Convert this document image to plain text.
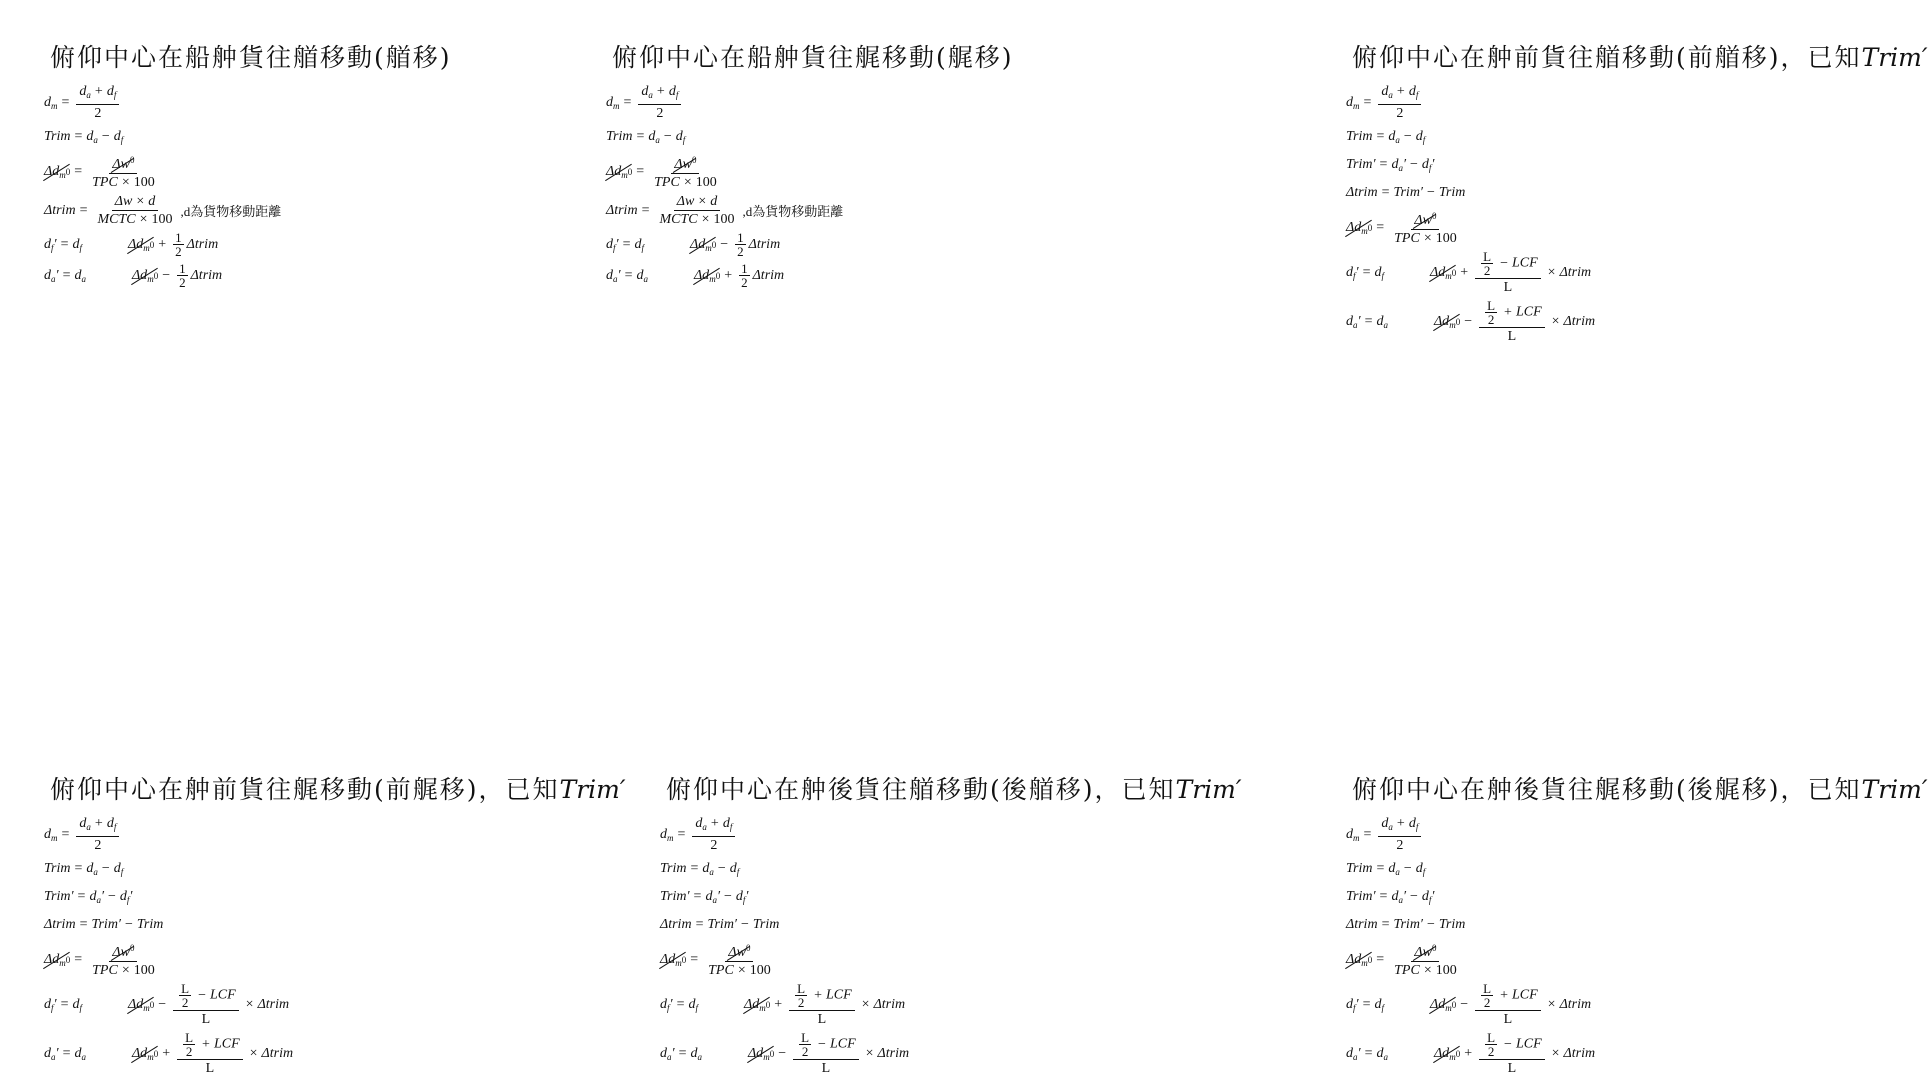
俯仰中心在船舯貨往艏移動(艏移)
$d_m = \frac{d_a + d_f}{2}$
Trim = $d_a - d_f$
$\Delta d_m$ $0 = \frac{\Delta w^0}{\text{TPC × 100}}$
Δtrim = $\frac{\Delta w \times d}{\text{MCTC × 100}} ,d$為貨物移動距離
$d_f' = d_f$	$\Delta d_m$ $0 + \frac{1}{2}$ Δtrim
$d_a' = d_a$	$\Delta d_m$ $0 - \frac{1}{2}$ Δtrim
俯仰中心在船舯貨往艉移動(艉移)
$d_m = \frac{d_a + d_f}{2}$
Trim = $d_a - d_f$
$\Delta d_m$ $0 = \frac{\Delta w^0}{\text{TPC × 100}}$
Δtrim = $\frac{\Delta w \times d}{\text{MCTC × 100}} ,d$為貨物移動距離
$d_f' = d_f$	$\Delta d_m$ $0 - \frac{1}{2}$ Δtrim
$d_a' = d_a$	$\Delta d_m$ $0 + \frac{1}{2}$ Δtrim
俯仰中心在舯前貨往艏移動(前艏移)，已知Trim′
$d_m = \frac{d_a + d_f}{2}$
Trim = $d_a - d_f$
Trim′ = $d_a' - d_f'$
Δtrim = Trim′ − Trim
$\Delta d_m$ $0 = \frac{\Delta w^0}{\text{TPC × 100}}$
$d_f' = d_f$	$\Delta d_m$ $0 + \frac{\frac{L}{2} - LCF}{L}$ × Δtrim
$d_a' = d_a$	$\Delta d_m$ $0 - \frac{\frac{L}{2} + LCF}{L}$ × Δtrim
俯仰中心在舯前貨往艉移動(前艉移)，已知Trim′
$d_m = \frac{d_a + d_f}{2}$
Trim = $d_a - d_f$
Trim′ = $d_a' - d_f'$
Δtrim = Trim′ − Trim
$\Delta d_m$ $0 = \frac{\Delta w^0}{\text{TPC × 100}}$
$d_f' = d_f$	$\Delta d_m$ $0 - \frac{\frac{L}{2} - LCF}{L}$ × Δtrim
$d_a' = d_a$	$\Delta d_m$ $0 + \frac{\frac{L}{2} + LCF}{L}$ × Δtrim
俯仰中心在舯後貨往艏移動(後艏移)，已知Trim′
$d_m = \frac{d_a + d_f}{2}$
Trim = $d_a - d_f$
Trim′ = $d_a' - d_f'$
Δtrim = Trim′ − Trim
$\Delta d_m$ $0 = \frac{\Delta w^0}{\text{TPC × 100}}$
$d_f' = d_f$	$\Delta d_m$ $0 + \frac{\frac{L}{2} + LCF}{L}$ × Δtrim
$d_a' = d_a$	$\Delta d_m$ $0 - \frac{\frac{L}{2} - LCF}{L}$ × Δtrim
俯仰中心在舯後貨往艉移動(後艉移)，已知Trim′
$d_m = \frac{d_a + d_f}{2}$
Trim = $d_a - d_f$
Trim′ = $d_a' - d_f'$
Δtrim = Trim′ − Trim
$\Delta d_m$ $0 = \frac{\Delta w^0}{\text{TPC × 100}}$
$d_f' = d_f$	$\Delta d_m$ $0 - \frac{\frac{L}{2} + LCF}{L}$ × Δtrim
$d_a' = d_a$	$\Delta d_m$ $0 + \frac{\frac{L}{2} - LCF}{L}$ × Δtrim
